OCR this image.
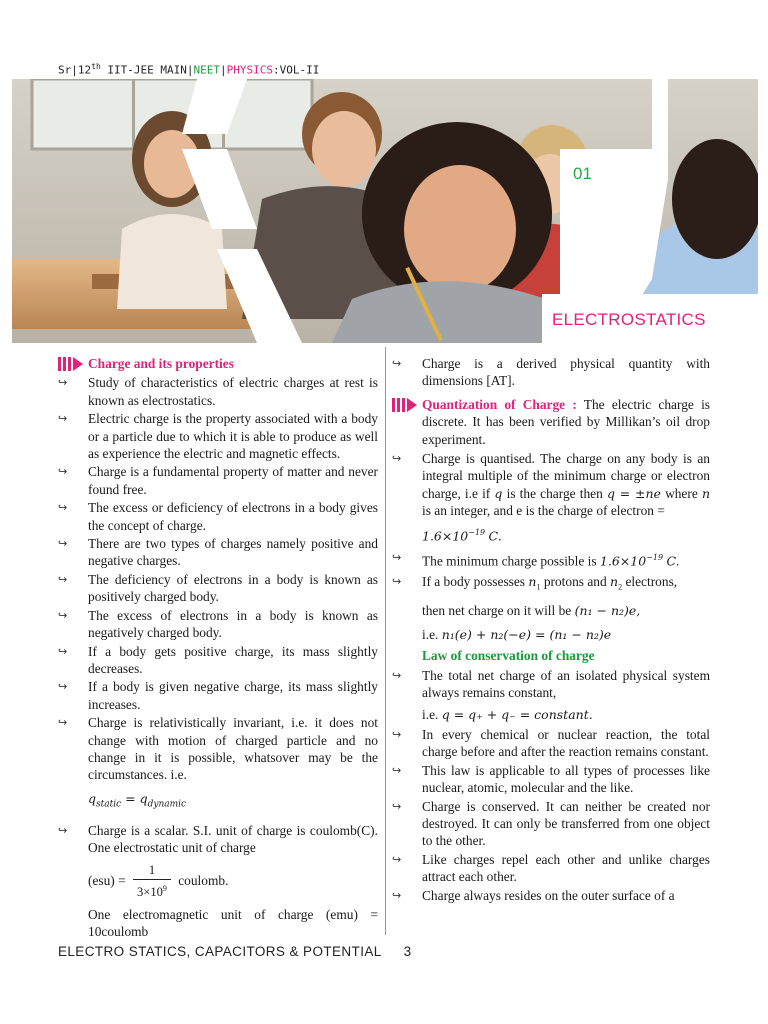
Sr|12th IIT-JEE MAIN|NEET|PHYSICS:VOL-II
01
ELECTROSTATICS
Charge and its properties
↪ Study of characteristics of electric charges at rest is known as electrostatics.
↪ Electric charge is the property associated with a body or a particle due to which it is able to produce as well as experience the electric and magnetic effects.
↪ Charge is a fundamental property of matter and never found free.
↪ The excess or deficiency of electrons in a body gives the concept of charge.
↪ There are two types of charges namely positive and negative charges.
↪ The deficiency of electrons in a body is known as positively charged body.
↪ The excess of electrons in a body is known as negatively charged body.
↪ If a body gets positive charge, its mass slightly decreases.
↪ If a body is given negative charge, its mass slightly increases.
↪ Charge is relativistically invariant, i.e. it does not change with motion of charged particle and no change in it is possible, whatsover may be the circumstances. i.e.
$q_{static} = q_{dynamic}$
↪ Charge is a scalar. S.I. unit of charge is coulomb(C). One electrostatic unit of charge
$(esu) = \frac{1}{3\times 10^9}$ coulomb.
One electromagnetic unit of charge (emu) = 10coulomb
↪ Charge is a derived physical quantity with dimensions [AT].
Quantization of Charge : The electric charge is discrete. It has been verified by Millikan’s oil drop experiment.
↪ Charge is quantised. The charge on any body is an integral multiple of the minimum charge or electron charge, i.e if q is the charge then q = ±ne where n is an integer, and e is the charge of electron =
$1.6\times 10^{-19}$ C.
↪ The minimum charge possible is $1.6\times 10^{-19}$ C.
↪ If a body possesses $n_1$ protons and $n_2$ electrons,
then net charge on it will be (n₁ − n₂)e,
i.e. n₁(e) + n₂(−e) = (n₁ − n₂)e
Law of conservation of charge
↪ The total net charge of an isolated physical system always remains constant,
i.e. q = q₊ + q₋ = constant.
↪ In every chemical or nuclear reaction, the total charge before and after the reaction remains constant.
↪ This law is applicable to all types of processes like nuclear, atomic, molecular and the like.
↪ Charge is conserved. It can neither be created nor destroyed. It can only be transferred from one object to the other.
↪ Like charges repel each other and unlike charges attract each other.
↪ Charge always resides on the outer surface of a
ELECTRO STATICS, CAPACITORS & POTENTIAL 3
